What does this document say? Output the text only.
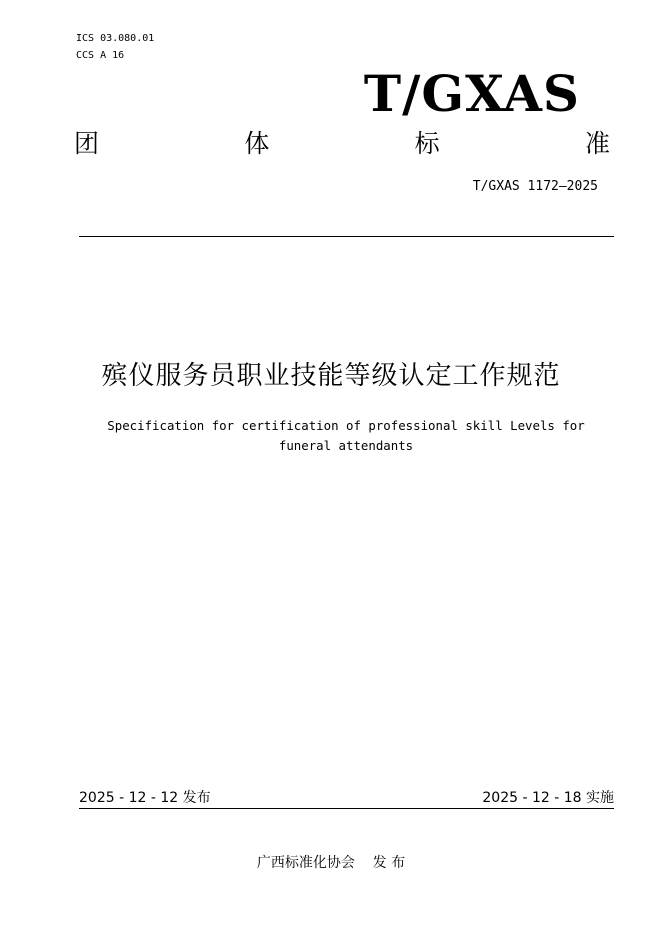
ICS 03.080.01
CCS A 16
T/GXAS
团	体	标	准
T/GXAS 1172—2025
殡仪服务员职业技能等级认定工作规范
Specification for certification of professional skill Levels for funeral attendants
2025 - 12 - 12 发布	2025 - 12 - 18 实施
广西标准化协会    发 布
